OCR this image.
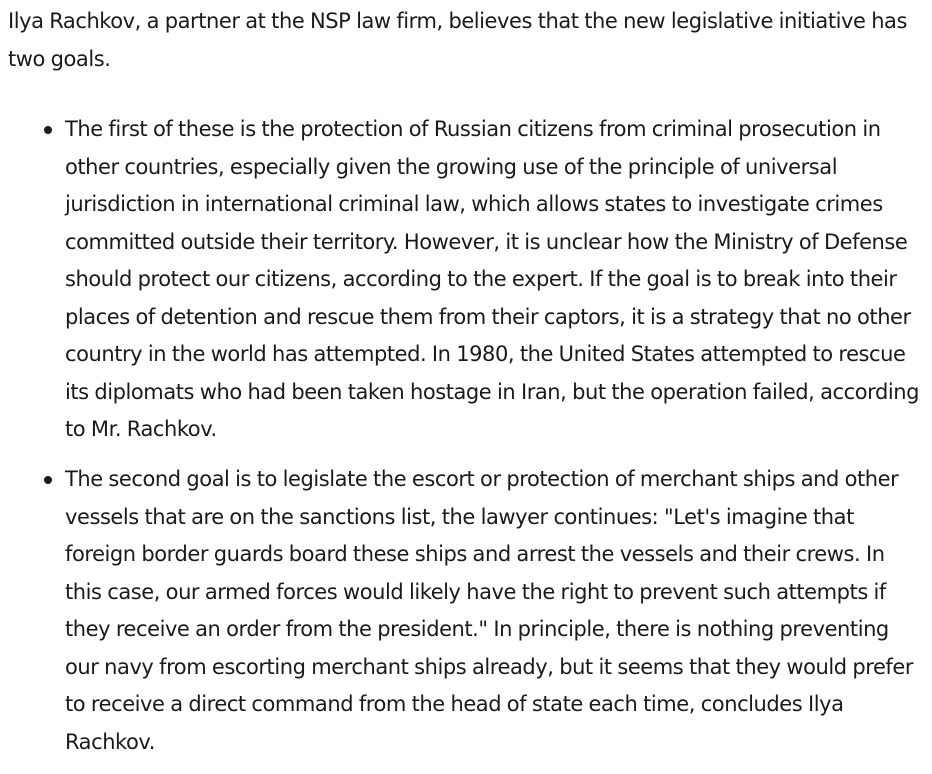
Ilya Rachkov, a partner at the NSP law firm, believes that the new legislative initiative has two goals.

The first of these is the protection of Russian citizens from criminal prosecution in other countries, especially given the growing use of the principle of universal jurisdiction in international criminal law, which allows states to investigate crimes committed outside their territory. However, it is unclear how the Ministry of Defense should protect our citizens, according to the expert. If the goal is to break into their places of detention and rescue them from their captors, it is a strategy that no other country in the world has attempted. In 1980, the United States attempted to rescue its diplomats who had been taken hostage in Iran, but the operation failed, according to Mr. Rachkov.
The second goal is to legislate the escort or protection of merchant ships and other vessels that are on the sanctions list, the lawyer continues: "Let's imagine that foreign border guards board these ships and arrest the vessels and their crews. In this case, our armed forces would likely have the right to prevent such attempts if they receive an order from the president." In principle, there is nothing preventing our navy from escorting merchant ships already, but it seems that they would prefer to receive a direct command from the head of state each time, concludes Ilya Rachkov.
